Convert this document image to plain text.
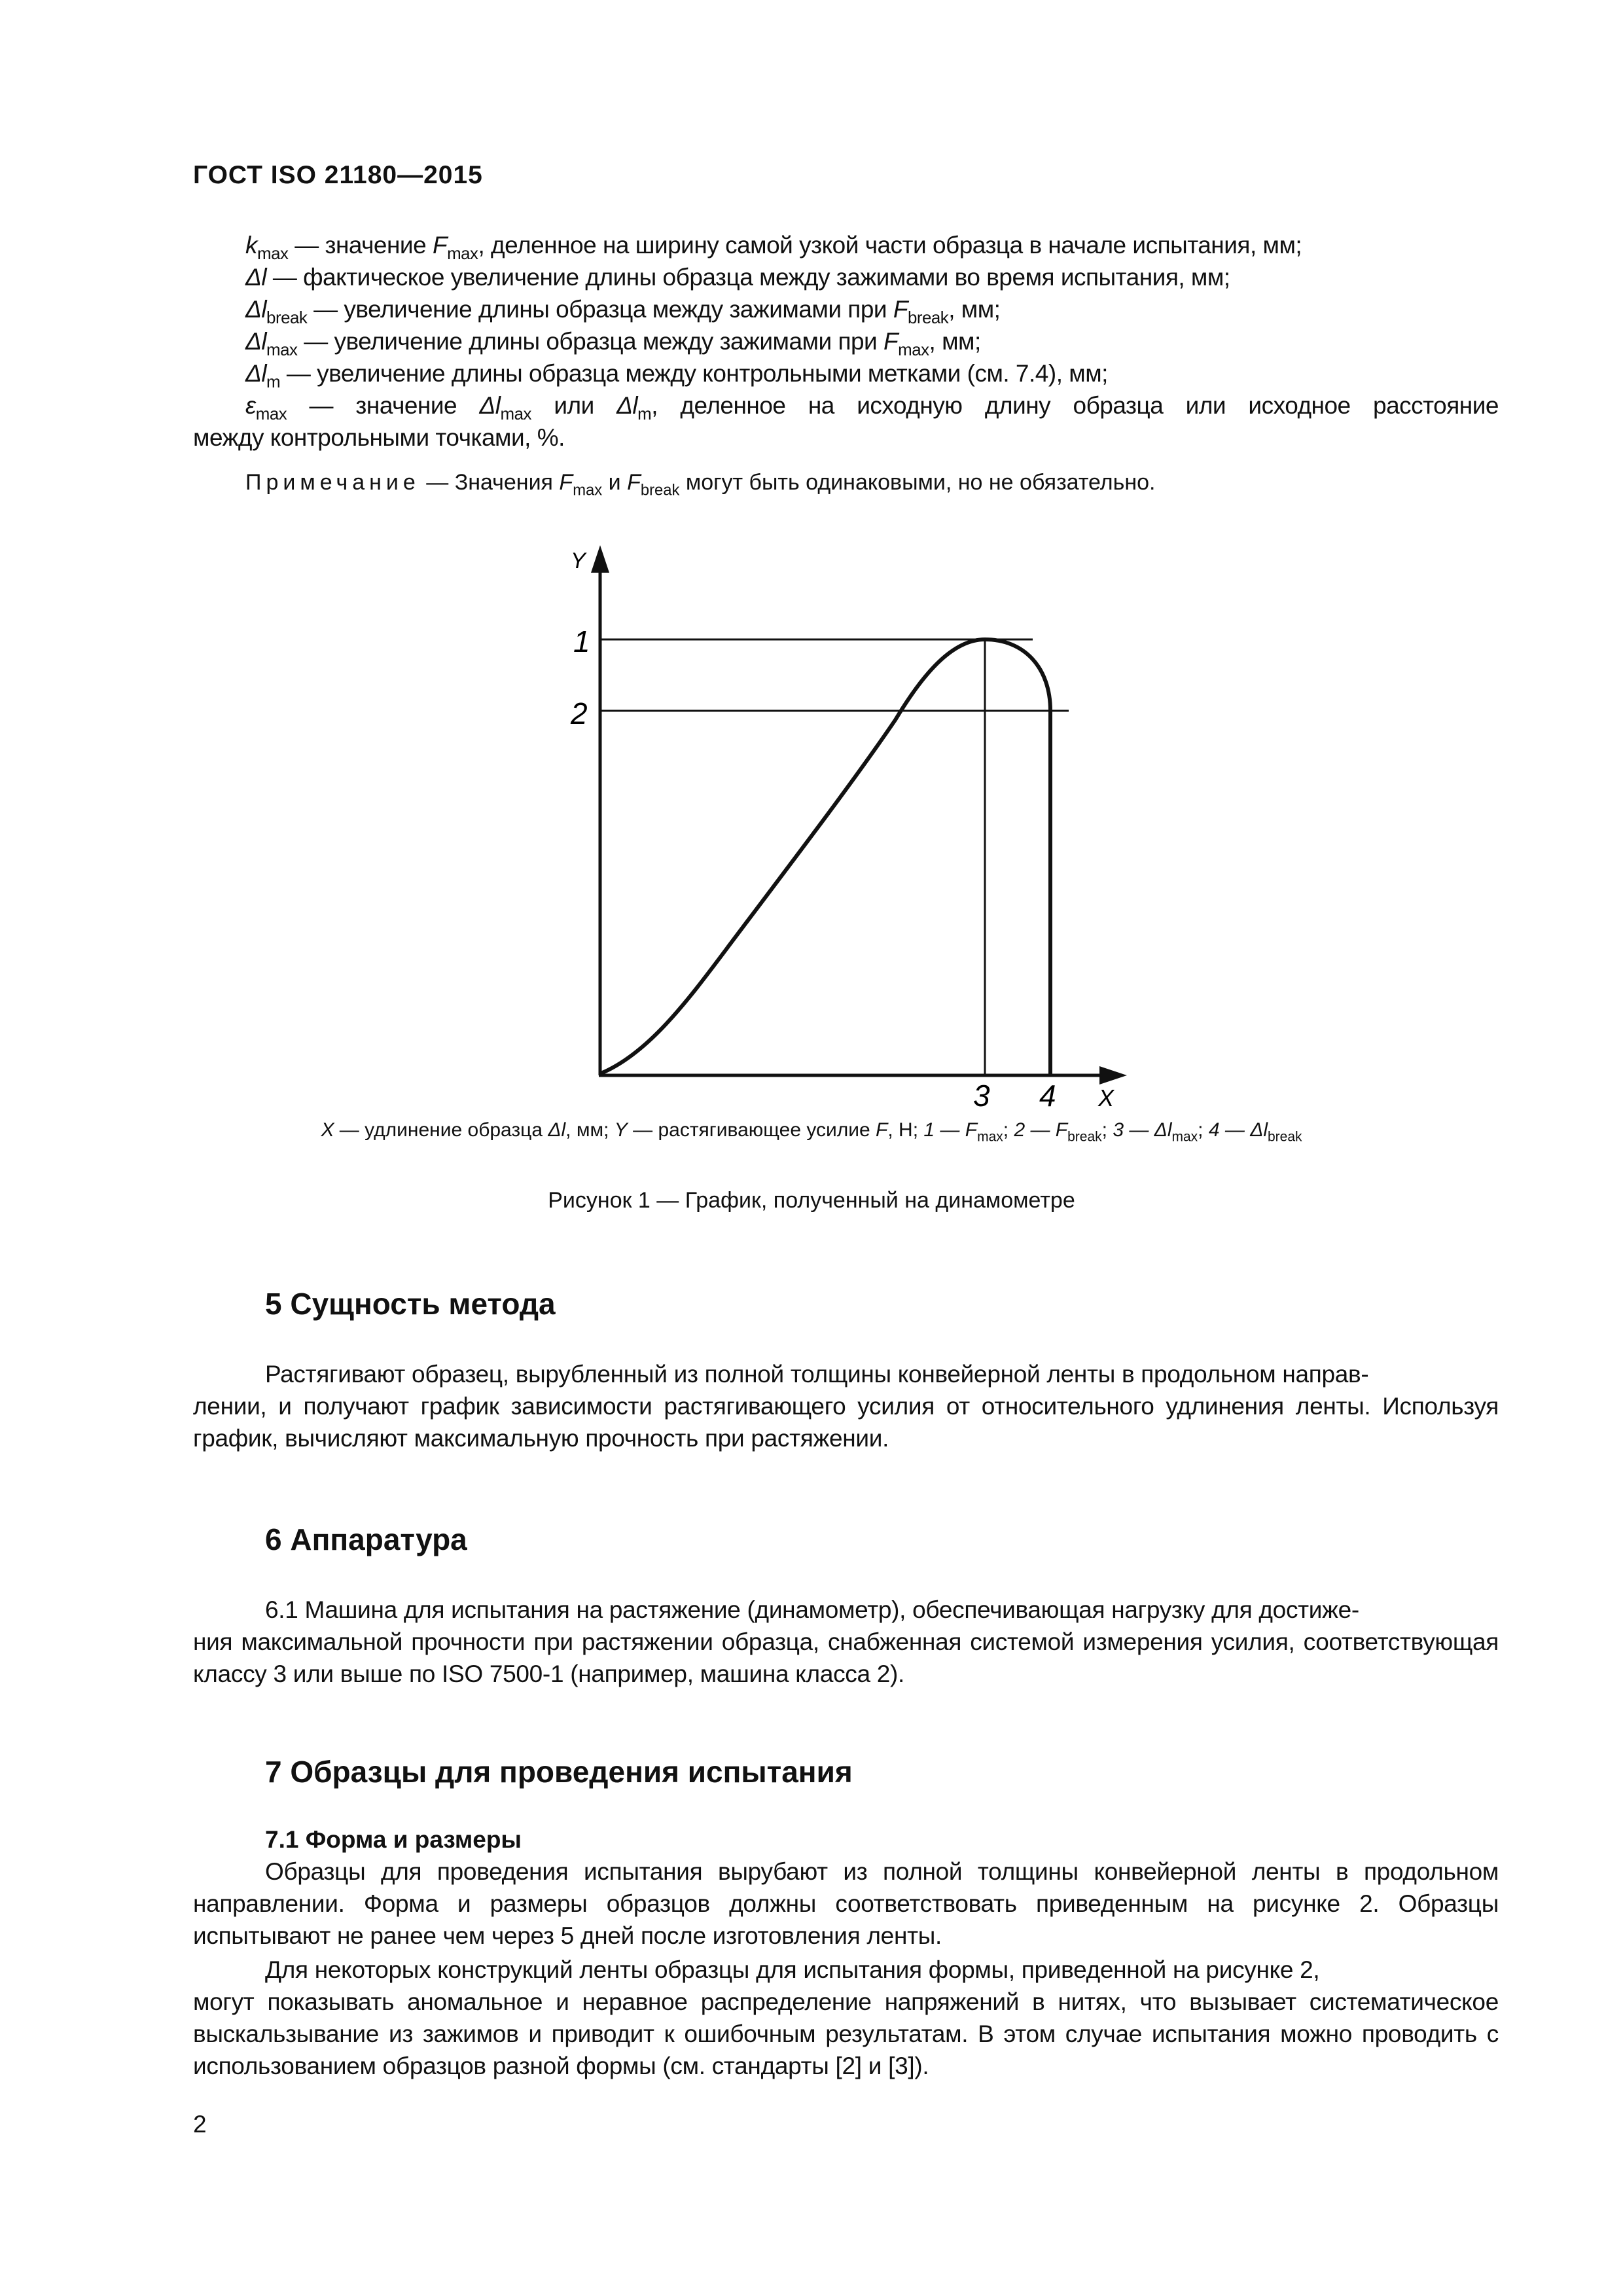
ГОСТ ISO 21180—2015
$k_{max}$ — значение $F_{max}$, деленное на ширину самой узкой части образца в начале испытания, мм;
Δl — фактическое увеличение длины образца между зажимами во время испытания, мм;
$\Delta l_{break}$ — увеличение длины образца между зажимами при $F_{break}$, мм;
$\Delta l_{max}$ — увеличение длины образца между зажимами при $F_{max}$, мм;
$\Delta l_m$ — увеличение длины образца между контрольными метками (см. 7.4), мм;
$\varepsilon_{max}$ — значение $\Delta l_{max}$ или $\Delta l_m$, деленное на исходную длину образца или исходное расстояние
между контрольными точками, %.
Примечание — Значения $F_{max}$ и $F_{break}$ могут быть одинаковыми, но не обязательно.
Y
1
2
3 4 X
X — удлинение образца Δl, мм; Y — растягивающее усилие F, Н; 1 — $F_{max}$; 2 — $F_{break}$; 3 — $\Delta l_{max}$; 4 — $\Delta l_{break}$
Рисунок 1 — График, полученный на динамометре
5 Сущность метода
Растягивают образец, вырубленный из полной толщины конвейерной ленты в продольном направ-
лении, и получают график зависимости растягивающего усилия от относительного удлинения ленты. Используя график, вычисляют максимальную прочность при растяжении.
6 Аппаратура
6.1 Машина для испытания на растяжение (динамометр), обеспечивающая нагрузку для достиже-
ния максимальной прочности при растяжении образца, снабженная системой измерения усилия, соответствующая классу 3 или выше по ISO 7500-1 (например, машина класса 2).
7 Образцы для проведения испытания
7.1 Форма и размеры
Образцы для проведения испытания вырубают из полной толщины конвейерной ленты в продольном направлении. Форма и размеры образцов должны соответствовать приведенным на рисунке 2. Образцы испытывают не ранее чем через 5 дней после изготовления ленты.
Для некоторых конструкций ленты образцы для испытания формы, приведенной на рисунке 2,
могут показывать аномальное и неравное распределение напряжений в нитях, что вызывает систематическое выскальзывание из зажимов и приводит к ошибочным результатам. В этом случае испытания можно проводить с использованием образцов разной формы (см. стандарты [2] и [3]).
2
